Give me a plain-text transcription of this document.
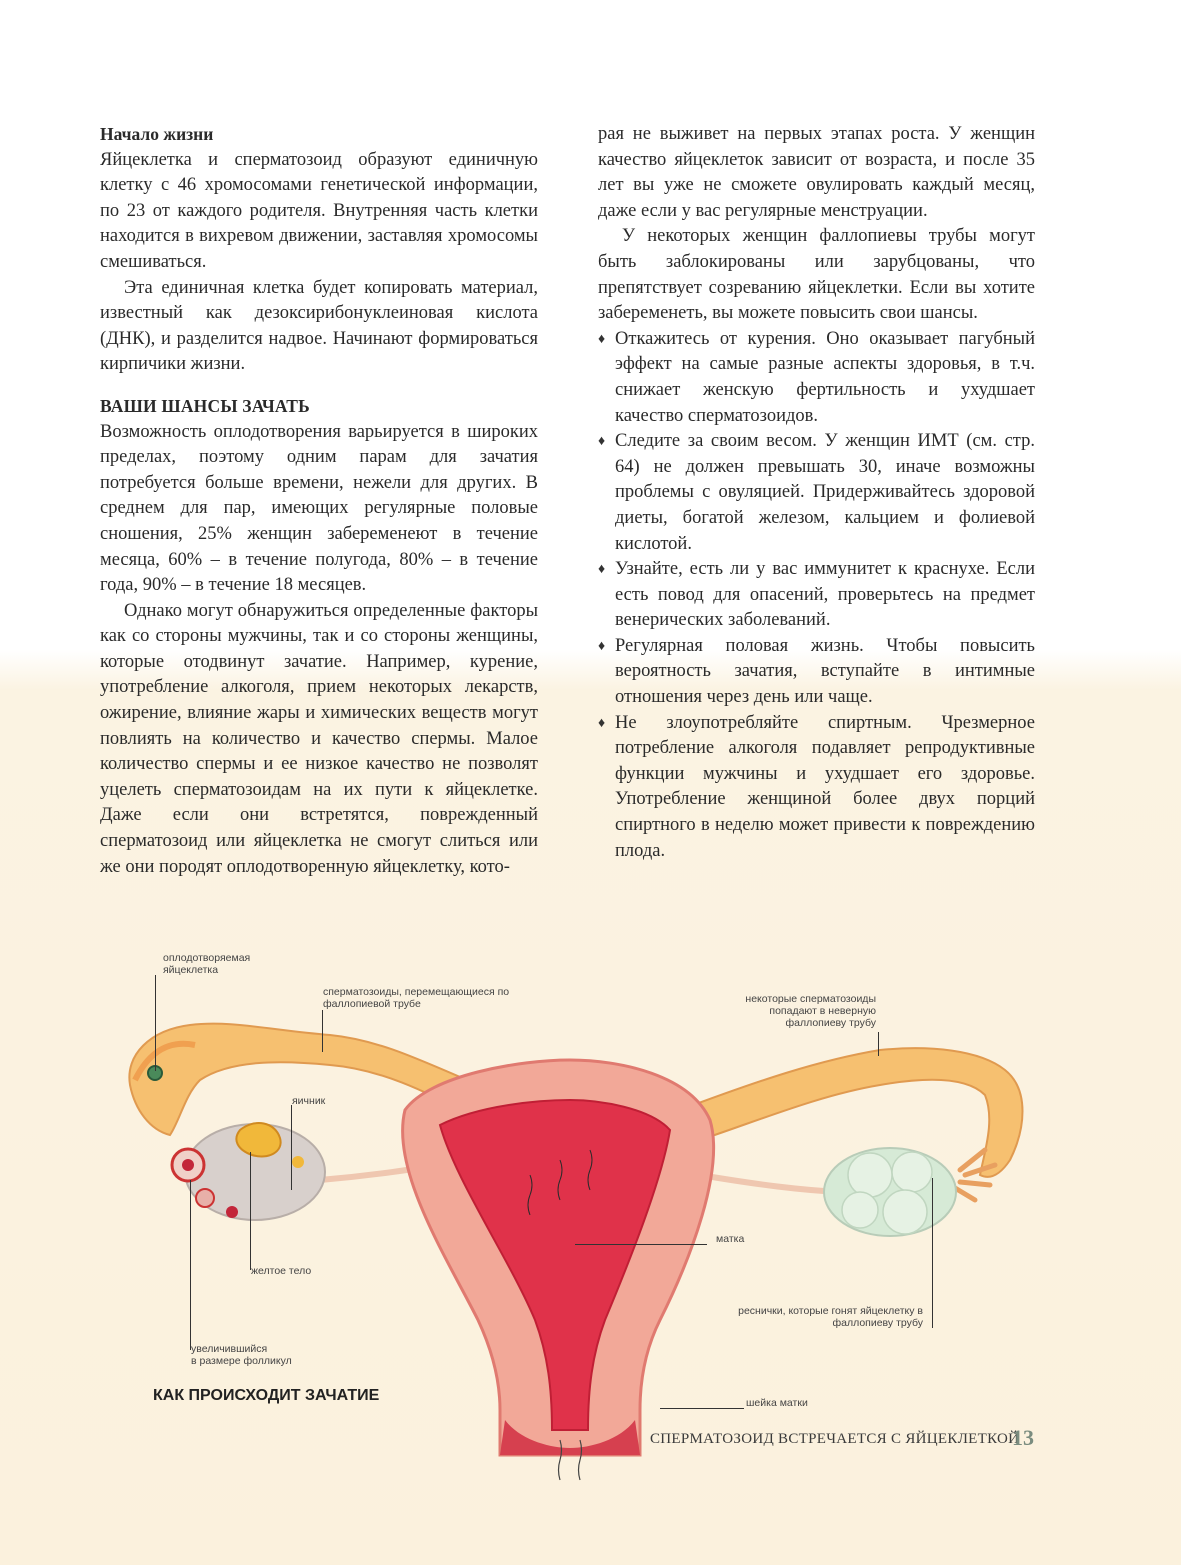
Начало жизни

Яйцеклетка и сперматозоид образуют единичную клетку с 46 хромосомами генетической информации, по 23 от каждого родителя. Внутренняя часть клетки находится в вихревом движении, заставляя хромосомы смешиваться.

Эта единичная клетка будет копировать материал, известный как дезоксирибонуклеиновая кислота (ДНК), и разделится надвое. Начинают формироваться кирпичики жизни.

ВАШИ ШАНСЫ ЗАЧАТЬ

Возможность оплодотворения варьируется в широких пределах, поэтому одним парам для зачатия потребуется больше времени, нежели для других. В среднем для пар, имеющих регулярные половые сношения, 25% женщин забеременеют в течение месяца, 60% – в течение полугода, 80% – в течение года, 90% – в течение 18 месяцев.

Однако могут обнаружиться определенные факторы как со стороны мужчины, так и со стороны женщины, которые отодвинут зачатие. Например, курение, употребление алкоголя, прием некоторых лекарств, ожирение, влияние жары и химических веществ могут повлиять на количество и качество спермы. Малое количество спермы и ее низкое качество не позволят уцелеть сперматозоидам на их пути к яйцеклетке. Даже если они встретятся, поврежденный сперматозоид или яйцеклетка не смогут слиться или же они породят оплодотворенную яйцеклетку, кото-

рая не выживет на первых этапах роста. У женщин качество яйцеклеток зависит от возраста, и после 35 лет вы уже не сможете овулировать каждый месяц, даже если у вас регулярные менструации.

У некоторых женщин фаллопиевы трубы могут быть заблокированы или зарубцованы, что препятствует созреванию яйцеклетки. Если вы хотите забеременеть, вы можете повысить свои шансы.

♦ Откажитесь от курения. Оно оказывает пагубный эффект на самые разные аспекты здоровья, в т.ч. снижает женскую фертильность и ухудшает качество сперматозоидов.
♦ Следите за своим весом. У женщин ИМТ (см. стр. 64) не должен превышать 30, иначе возможны проблемы с овуляцией. Придерживайтесь здоровой диеты, богатой железом, кальцием и фолиевой кислотой.
♦ Узнайте, есть ли у вас иммунитет к краснухе. Если есть повод для опасений, проверьтесь на предмет венерических заболеваний.
♦ Регулярная половая жизнь. Чтобы повысить вероятность зачатия, вступайте в интимные отношения через день или чаще.
♦ Не злоупотребляйте спиртным. Чрезмерное потребление алкоголя подавляет репродуктивные функции мужчины и ухудшает его здоровье. Употребление женщиной более двух порций спиртного в неделю может привести к повреждению плода.
оплодотворяемая
яйцеклетка
сперматозоиды, перемещающиеся по
фаллопиевой трубе	некоторые сперматозоиды
попадают в неверную
фаллопиеву трубу
яичник
матка
желтое тело
реснички, которые гонят яйцеклетку в
фаллопиеву трубу
увеличившийся
в размере фолликул
шейка матки
КАК ПРОИСХОДИТ ЗАЧАТИЕ
СПЕРМАТОЗОИД ВСТРЕЧАЕТСЯ С ЯЙЦЕКЛЕТКОЙ
13
